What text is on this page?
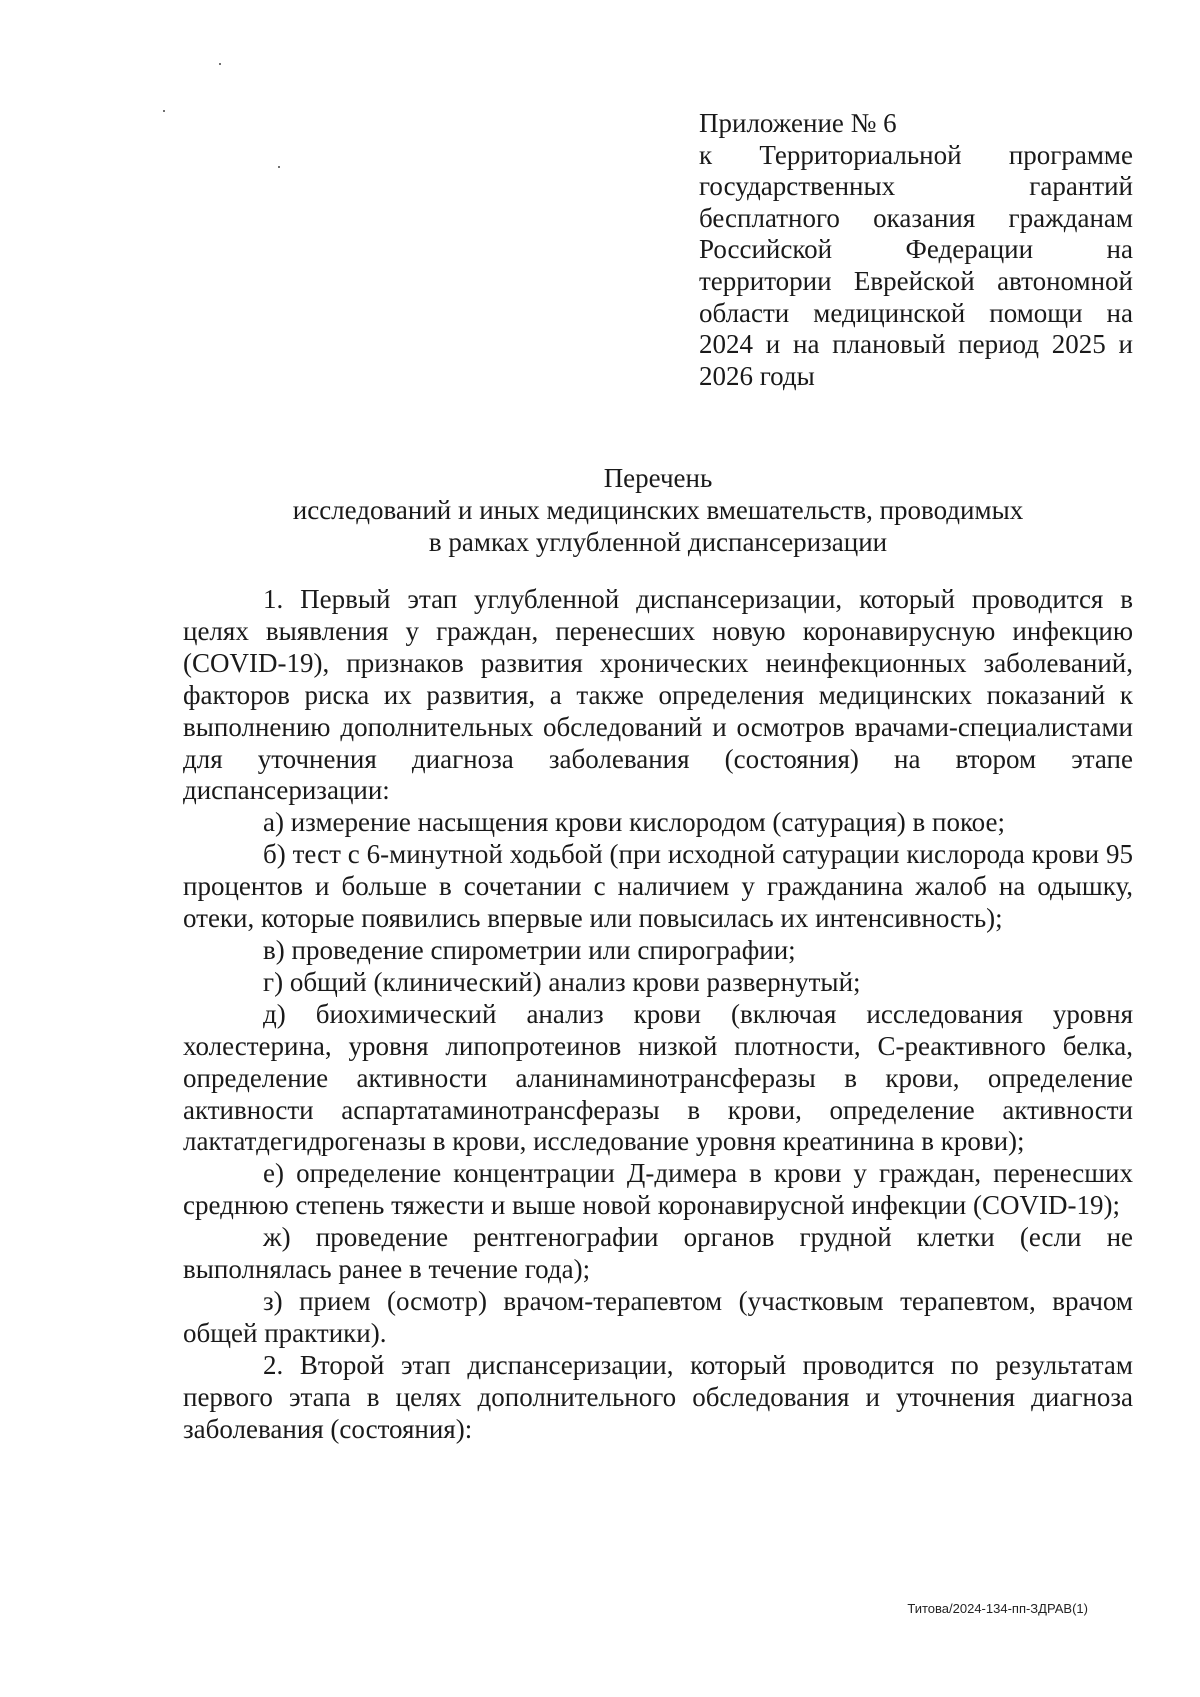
Приложение № 6
к Территориальной программе
государственных гарантий
бесплатного оказания гражданам
Российской Федерации на
территории Еврейской автономной
области медицинской помощи на
2024 и на плановый период 2025 и
2026 годы
Перечень
исследований и иных медицинских вмешательств, проводимых
в рамках углубленной диспансеризации

1. Первый этап углубленной диспансеризации, который проводится в целях выявления у граждан, перенесших новую коронавирусную инфекцию (COVID-19), признаков развития хронических неинфекционных заболеваний, факторов риска их развития, а также определения медицинских показаний к выполнению дополнительных обследований и осмотров врачами-специалистами для уточнения диагноза заболевания (состояния) на втором этапе диспансеризации:

а) измерение насыщения крови кислородом (сатурация) в покое;

б) тест с 6-минутной ходьбой (при исходной сатурации кислорода крови 95 процентов и больше в сочетании с наличием у гражданина жалоб на одышку, отеки, которые появились впервые или повысилась их интенсивность);

в) проведение спирометрии или спирографии;

г) общий (клинический) анализ крови развернутый;

д) биохимический анализ крови (включая исследования уровня холестерина, уровня липопротеинов низкой плотности, С-реактивного белка, определение активности аланинаминотрансферазы в крови, определение активности аспартатаминотрансферазы в крови, определение активности лактатдегидрогеназы в крови, исследование уровня креатинина в крови);

е) определение концентрации Д-димера в крови у граждан, перенесших среднюю степень тяжести и выше новой коронавирусной инфекции (COVID-19);

ж) проведение рентгенографии органов грудной клетки (если не выполнялась ранее в течение года);

з) прием (осмотр) врачом-терапевтом (участковым терапевтом, врачом общей практики).

2. Второй этап диспансеризации, который проводится по результатам первого этапа в целях дополнительного обследования и уточнения диагноза заболевания (состояния):

Титова/2024-134-пп-ЗДРАВ(1)
